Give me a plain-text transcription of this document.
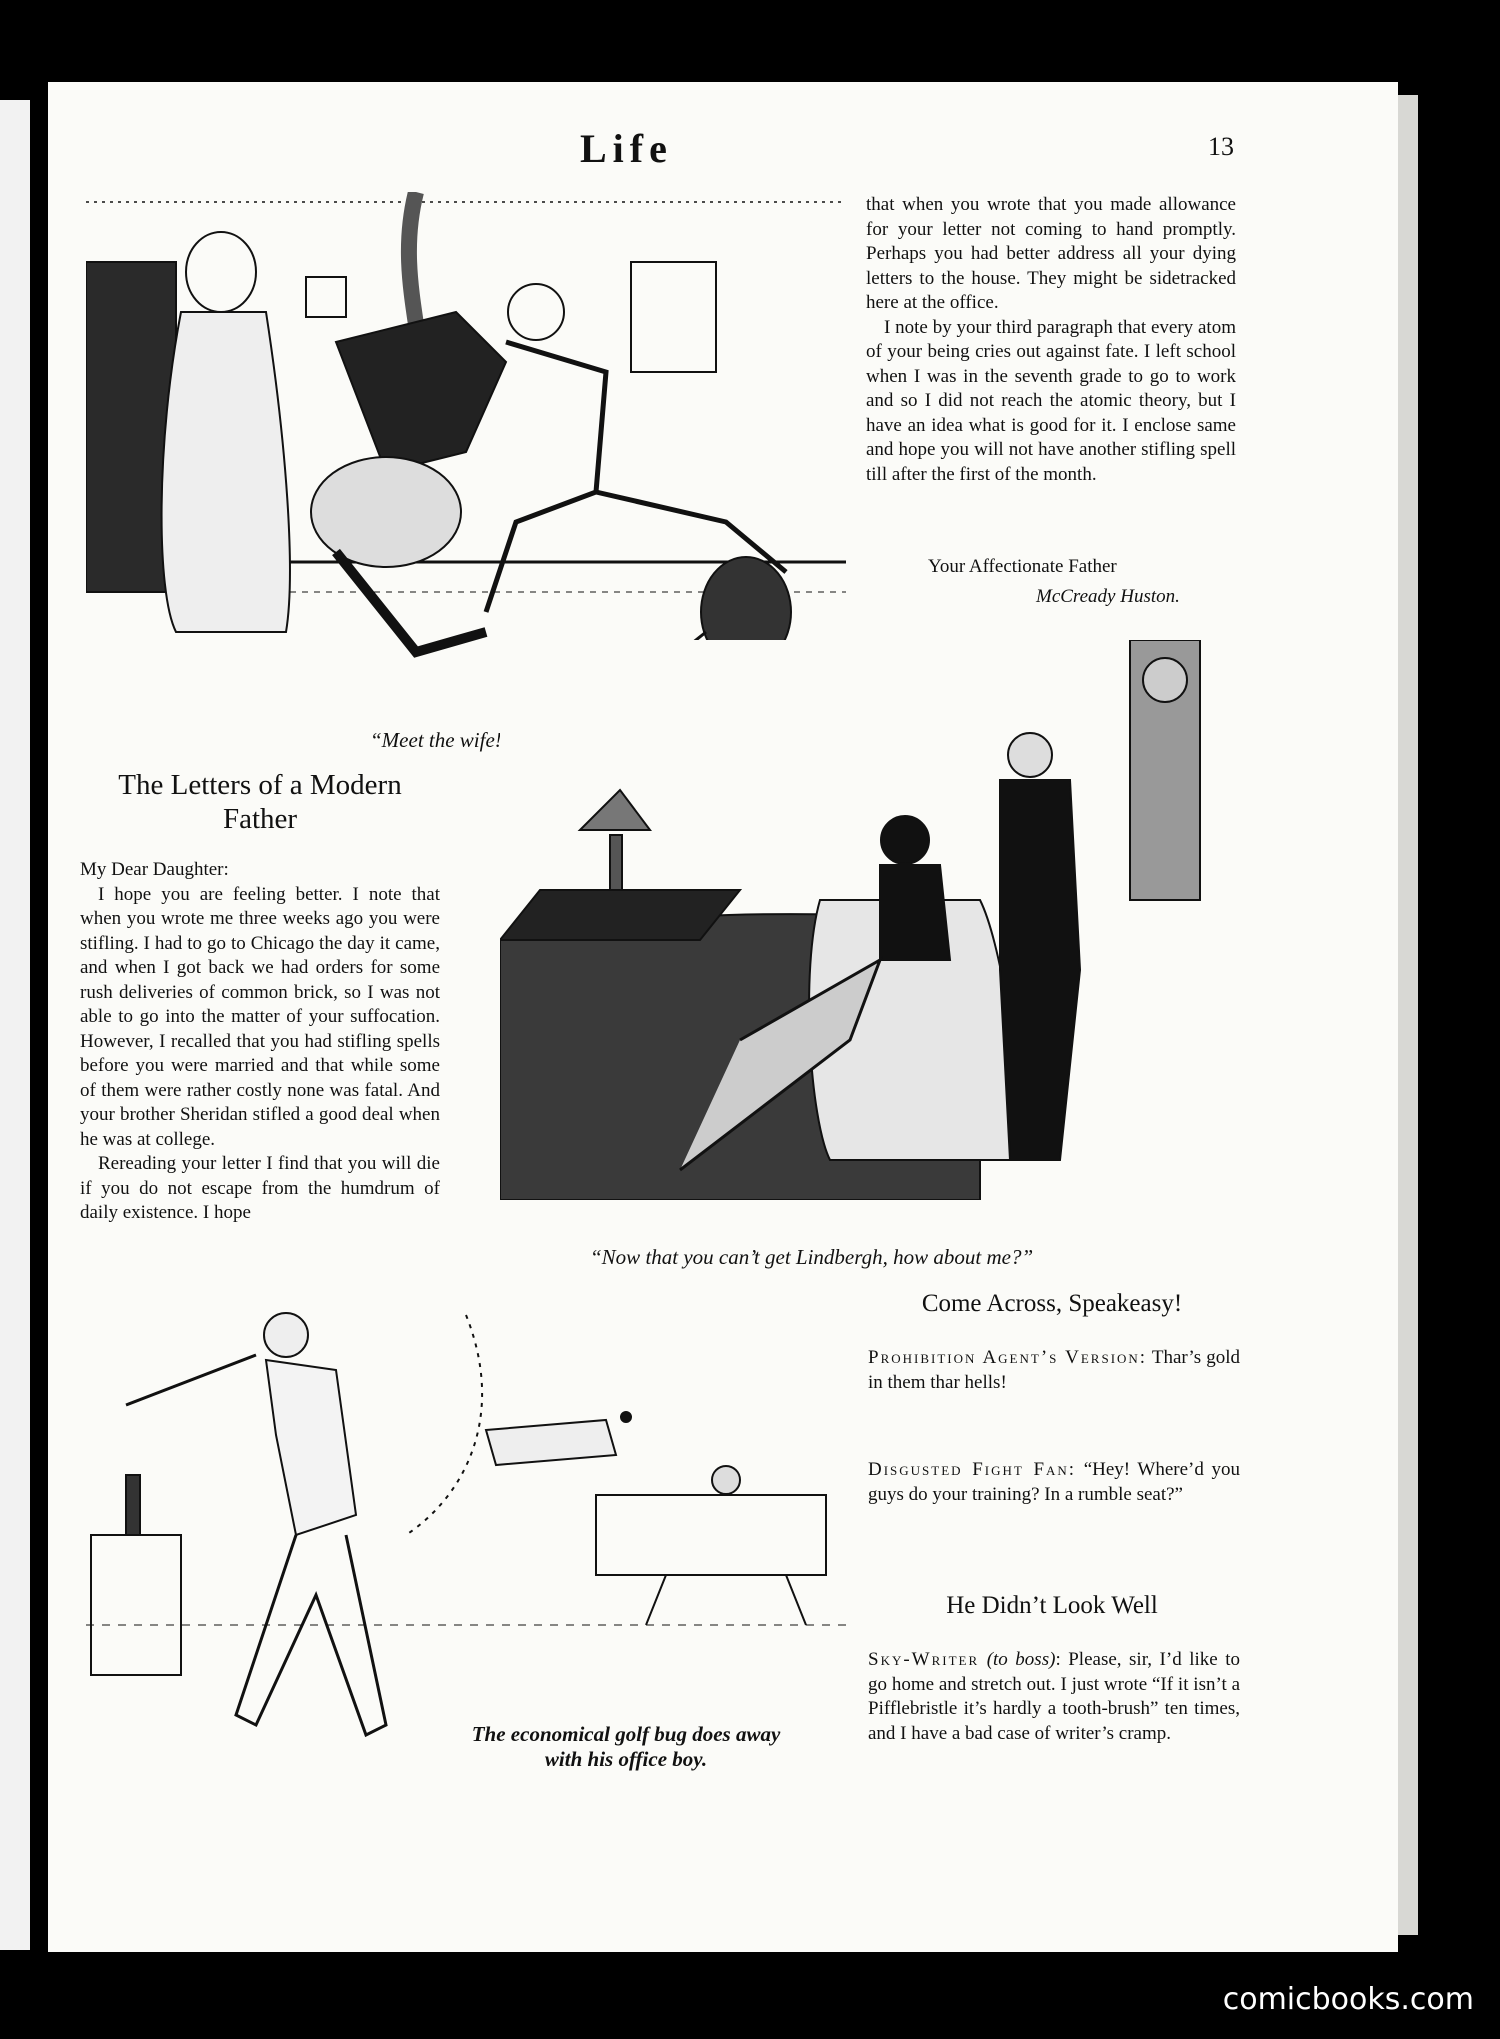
Life	13
“Meet the wife!”

that when you wrote that you made allowance for your letter not coming to hand promptly. Perhaps you had better address all your dying letters to the house. They might be sidetracked here at the office.

I note by your third paragraph that every atom of your being cries out against fate. I left school when I was in the seventh grade to go to work and so I did not reach the atomic theory, but I have an idea what is good for it. I enclose same and hope you will not have another stifling spell till after the first of the month.

Your Affectionate Father
McCready Huston.
The Letters of a Modern Father

My Dear Daughter:

I hope you are feeling better. I note that when you wrote me three weeks ago you were stifling. I had to go to Chicago the day it came, and when I got back we had orders for some rush deliveries of common brick, so I was not able to go into the matter of your suffocation. However, I recalled that you had stifling spells before you were married and that while some of them were rather costly none was fatal. And your brother Sheridan stifled a good deal when he was at college.

Rereading your letter I find that you will die if you do not escape from the humdrum of daily existence. I hope

“Now that you can’t get Lindbergh, how about me?”
The economical golf bug does away with his office boy.
Come Across, Speakeasy!
Prohibition Agent’s Version: Thar’s gold in them thar hells!
Disgusted Fight Fan: “Hey! Where’d you guys do your training? In a rumble seat?”
He Didn’t Look Well
Sky-Writer (to boss): Please, sir, I’d like to go home and stretch out. I just wrote “If it isn’t a Pifflebristle it’s hardly a tooth-brush” ten times, and I have a bad case of writer’s cramp.
comicbooks.com
